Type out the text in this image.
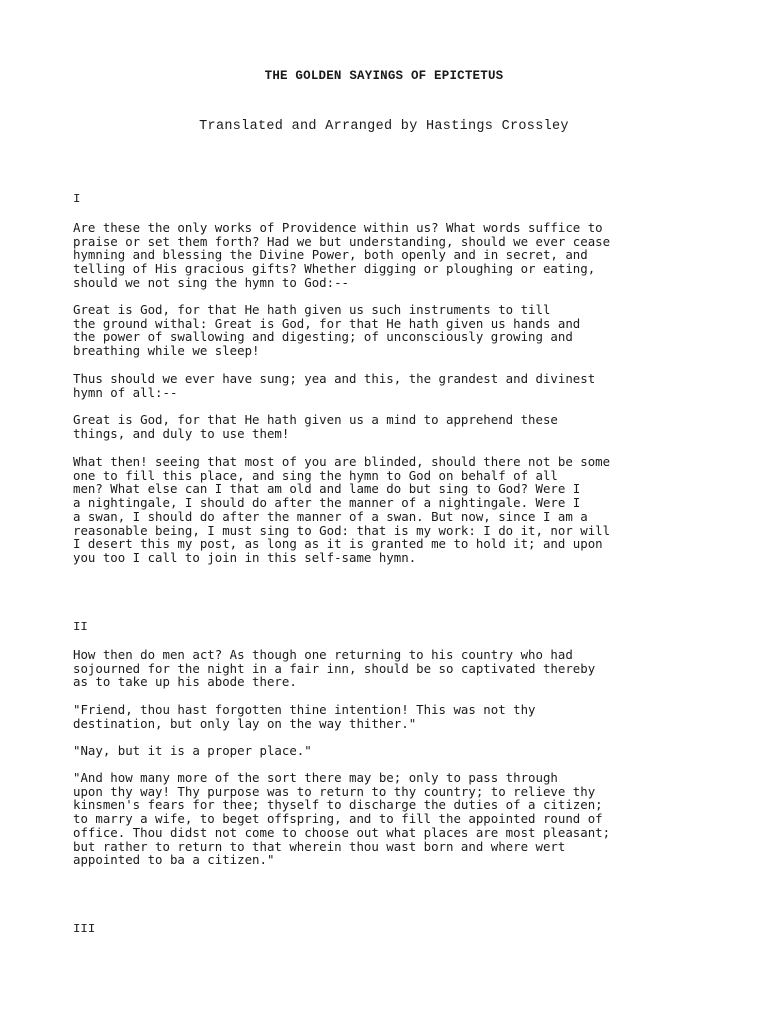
THE GOLDEN SAYINGS OF EPICTETUS
Translated and Arranged by Hastings Crossley
I
Are these the only works of Providence within us? What words suffice to
praise or set them forth? Had we but understanding, should we ever cease
hymning and blessing the Divine Power, both openly and in secret, and
telling of His gracious gifts? Whether digging or ploughing or eating,
should we not sing the hymn to God:--
Great is God, for that He hath given us such instruments to till
the ground withal: Great is God, for that He hath given us hands and
the power of swallowing and digesting; of unconsciously growing and
breathing while we sleep!
Thus should we ever have sung; yea and this, the grandest and divinest
hymn of all:--
Great is God, for that He hath given us a mind to apprehend these
things, and duly to use them!
What then! seeing that most of you are blinded, should there not be some
one to fill this place, and sing the hymn to God on behalf of all
men? What else can I that am old and lame do but sing to God? Were I
a nightingale, I should do after the manner of a nightingale. Were I
a swan, I should do after the manner of a swan. But now, since I am a
reasonable being, I must sing to God: that is my work: I do it, nor will
I desert this my post, as long as it is granted me to hold it; and upon
you too I call to join in this self-same hymn.
II
How then do men act? As though one returning to his country who had
sojourned for the night in a fair inn, should be so captivated thereby
as to take up his abode there.
"Friend, thou hast forgotten thine intention! This was not thy
destination, but only lay on the way thither."
"Nay, but it is a proper place."
"And how many more of the sort there may be; only to pass through
upon thy way! Thy purpose was to return to thy country; to relieve thy
kinsmen's fears for thee; thyself to discharge the duties of a citizen;
to marry a wife, to beget offspring, and to fill the appointed round of
office. Thou didst not come to choose out what places are most pleasant;
but rather to return to that wherein thou wast born and where wert
appointed to ba a citizen."
III
